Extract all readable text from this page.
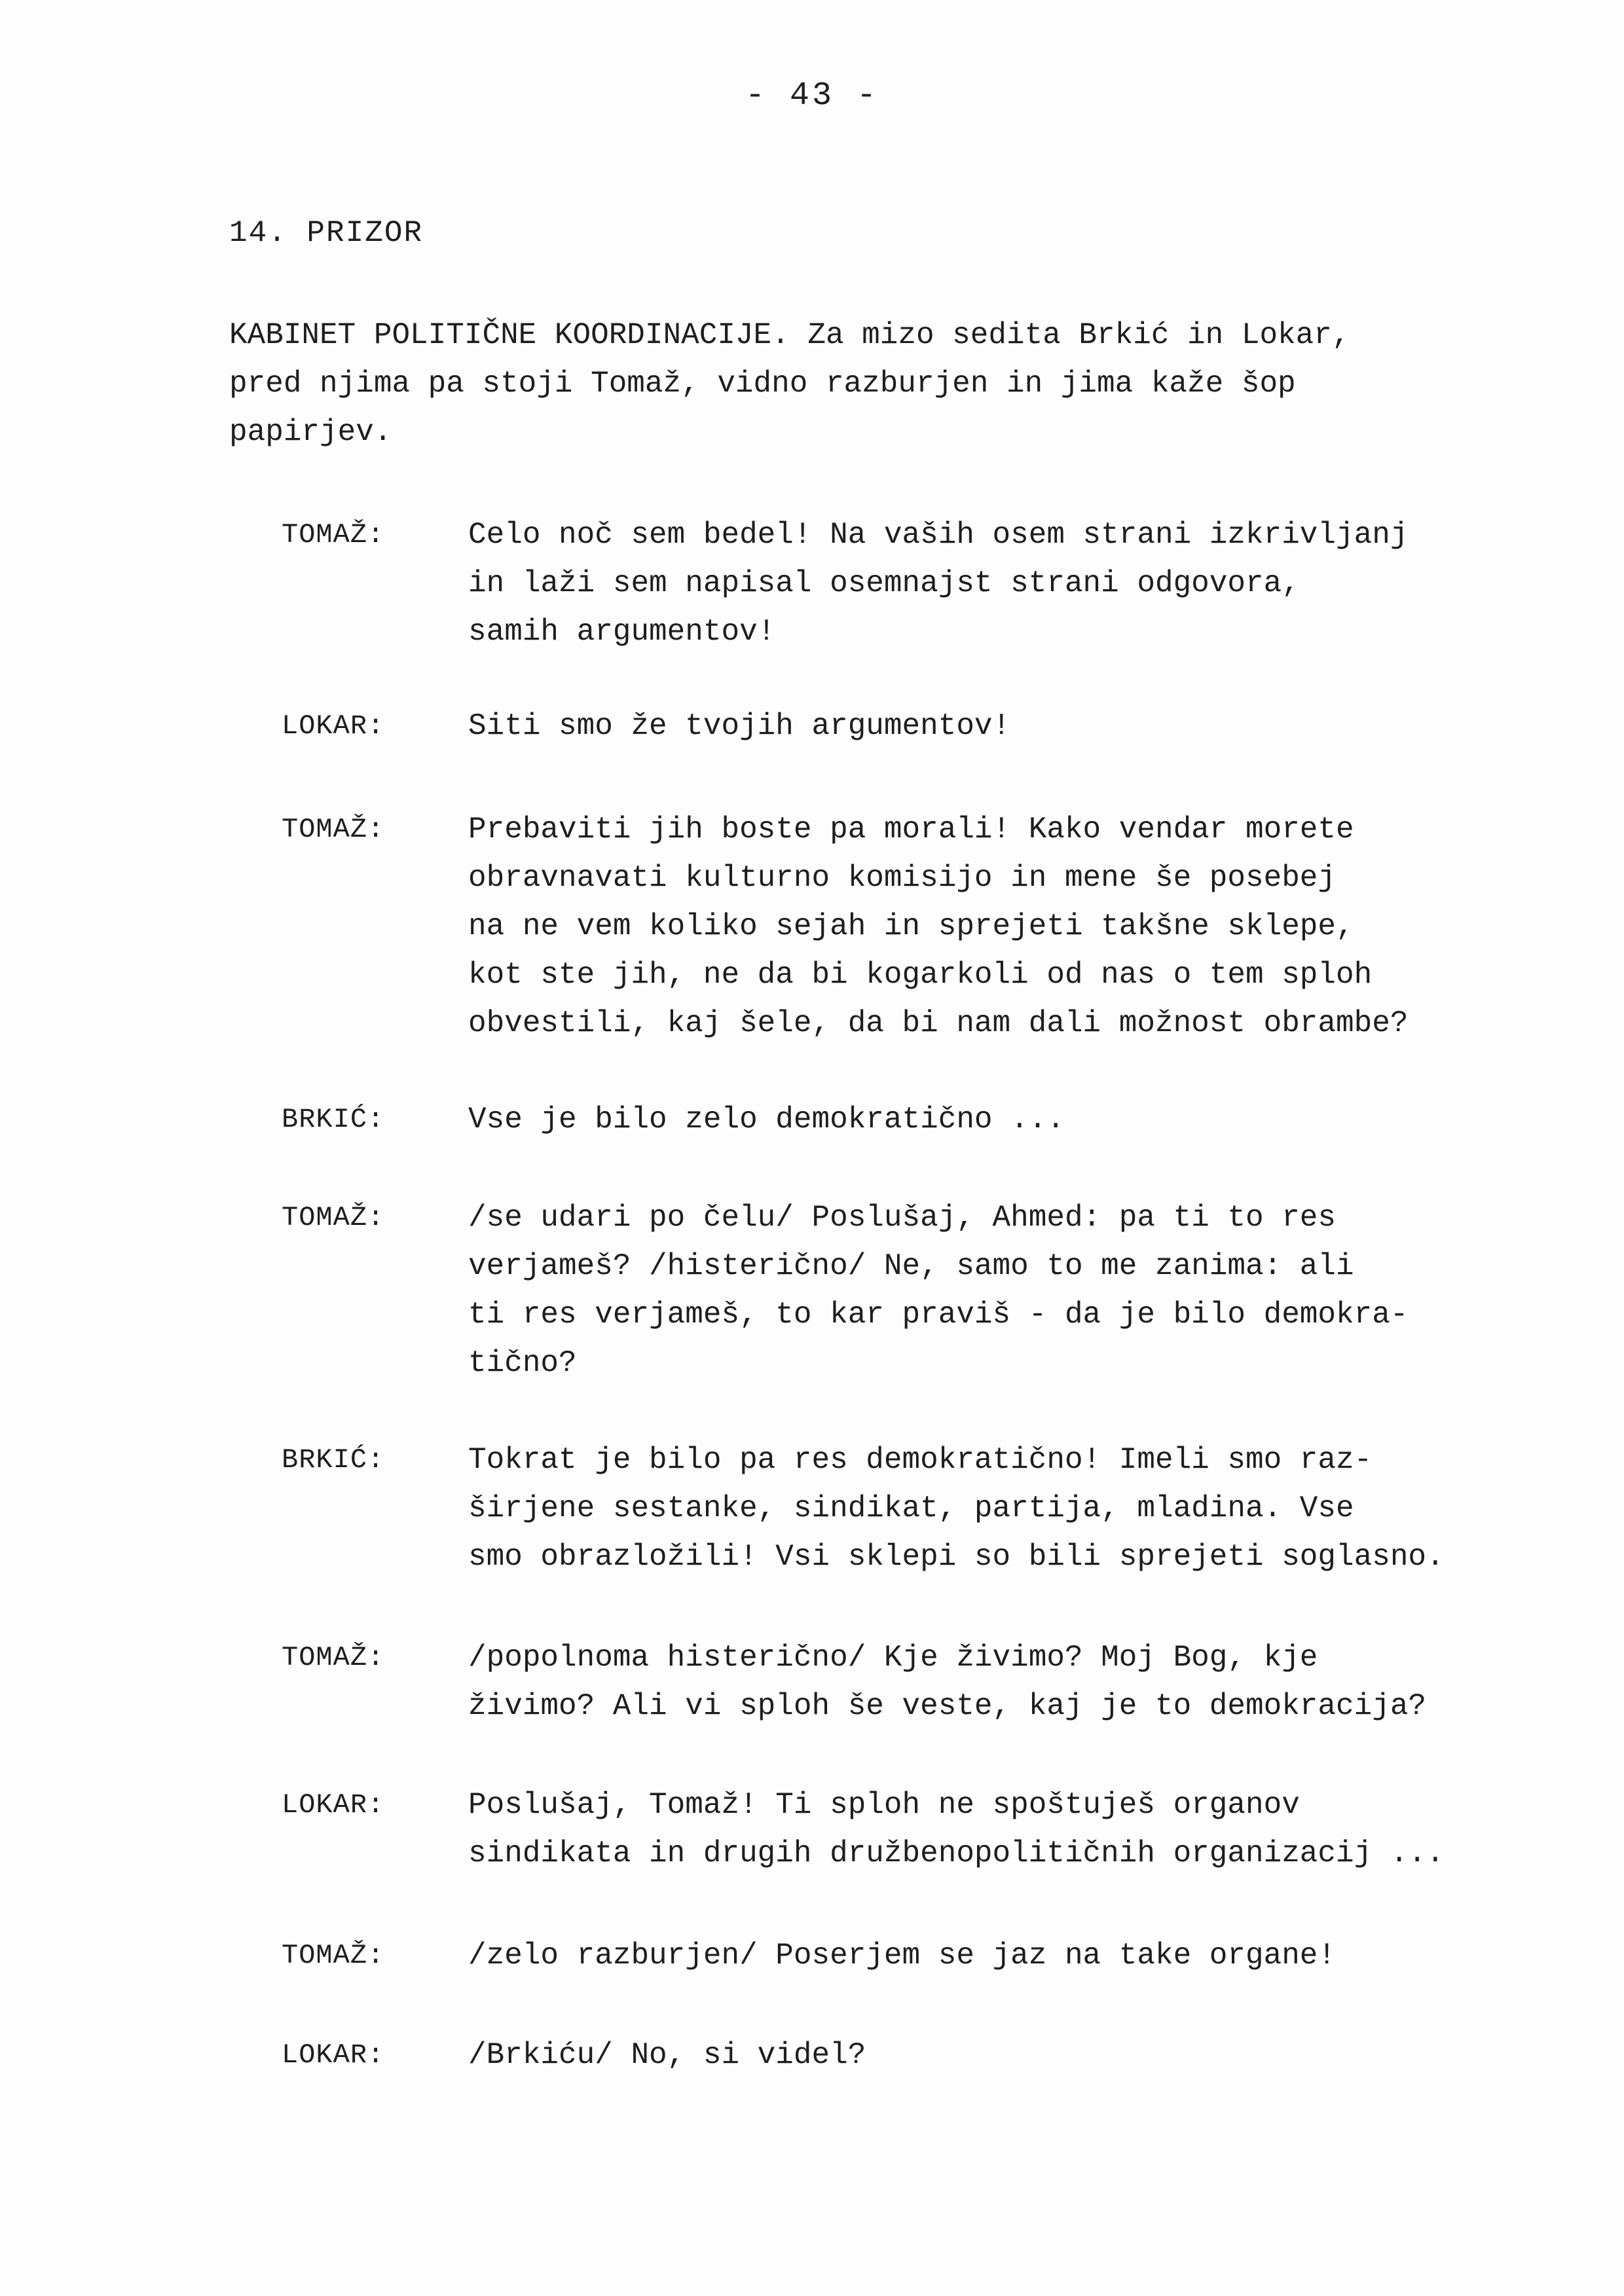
- 43 -
14. PRIZOR
KABINET POLITIČNE KOORDINACIJE. Za mizo sedita Brkić in Lokar,
pred njima pa stoji Tomaž, vidno razburjen in jima kaže šop
papirjev.
TOMAŽ:	Celo noč sem bedel! Na vaših osem strani izkrivljanj
in laži sem napisal osemnajst strani odgovora,
samih argumentov!
LOKAR:	Siti smo že tvojih argumentov!
TOMAŽ:	Prebaviti jih boste pa morali! Kako vendar morete
obravnavati kulturno komisijo in mene še posebej
na ne vem koliko sejah in sprejeti takšne sklepe,
kot ste jih, ne da bi kogarkoli od nas o tem sploh
obvestili, kaj šele, da bi nam dali možnost obrambe?
BRKIĆ:	Vse je bilo zelo demokratično ...
TOMAŽ:	/se udari po čelu/ Poslušaj, Ahmed: pa ti to res
verjameš? /histerično/ Ne, samo to me zanima: ali
ti res verjameš, to kar praviš - da je bilo demokra-
tično?
BRKIĆ:	Tokrat je bilo pa res demokratično! Imeli smo raz-
širjene sestanke, sindikat, partija, mladina. Vse
smo obrazložili! Vsi sklepi so bili sprejeti soglasno.
TOMAŽ:	/popolnoma histerično/ Kje živimo? Moj Bog, kje
živimo? Ali vi sploh še veste, kaj je to demokracija?
LOKAR:	Poslušaj, Tomaž! Ti sploh ne spoštuješ organov
sindikata in drugih družbenopolitičnih organizacij ...
TOMAŽ:	/zelo razburjen/ Poserjem se jaz na take organe!
LOKAR:	/Brkiću/ No, si videl?
